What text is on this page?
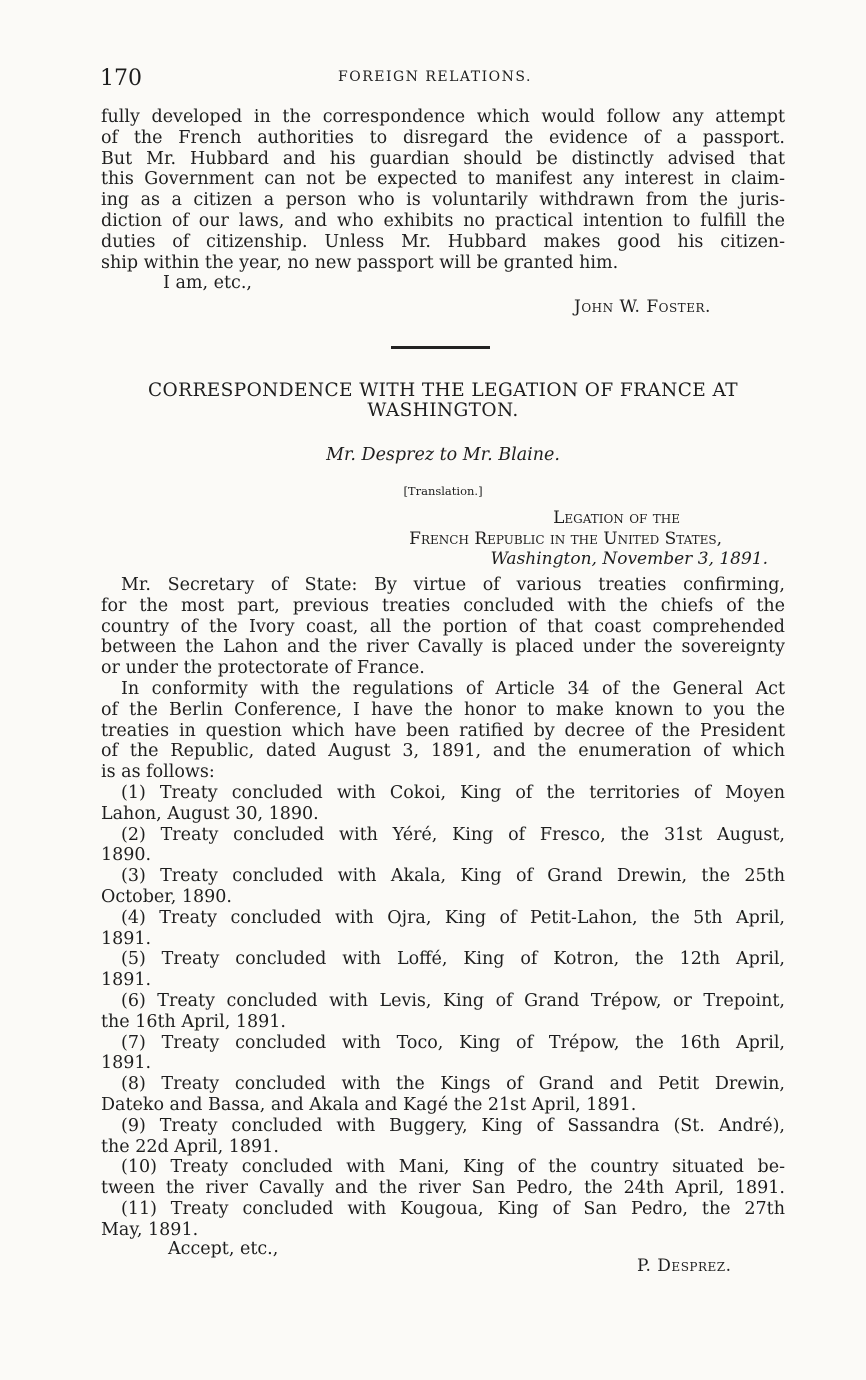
170	FOREIGN RELATIONS.
fully developed in the correspondence which would follow any attempt
of the French authorities to disregard the evidence of a passport.
But Mr. Hubbard and his guardian should be distinctly advised that
this Government can not be expected to manifest any interest in claim-
ing as a citizen a person who is voluntarily withdrawn from the juris-
diction of our laws, and who exhibits no practical intention to fulfill the
duties of citizenship. Unless Mr. Hubbard makes good his citizen-
ship within the year, no new passport will be granted him.
I am, etc.,
John W. Foster.
CORRESPONDENCE WITH THE LEGATION OF FRANCE AT WASHINGTON.
Mr. Desprez to Mr. Blaine.
[Translation.]
Legation of the
French Republic in the United States,
Washington, November 3, 1891.
Mr. Secretary of State: By virtue of various treaties confirming,
for the most part, previous treaties concluded with the chiefs of the
country of the Ivory coast, all the portion of that coast comprehended
between the Lahon and the river Cavally is placed under the sovereignty
or under the protectorate of France.
In conformity with the regulations of Article 34 of the General Act
of the Berlin Conference, I have the honor to make known to you the
treaties in question which have been ratified by decree of the President
of the Republic, dated August 3, 1891, and the enumeration of which
is as follows:
(1) Treaty concluded with Cokoi, King of the territories of Moyen
Lahon, August 30, 1890.
(2) Treaty concluded with Yéré, King of Fresco, the 31st August,
1890.
(3) Treaty concluded with Akala, King of Grand Drewin, the 25th
October, 1890.
(4) Treaty concluded with Ojra, King of Petit-Lahon, the 5th April,
1891.
(5) Treaty concluded with Loffé, King of Kotron, the 12th April,
1891.
(6) Treaty concluded with Levis, King of Grand Trépow, or Trepoint,
the 16th April, 1891.
(7) Treaty concluded with Toco, King of Trépow, the 16th April,
1891.
(8) Treaty concluded with the Kings of Grand and Petit Drewin,
Dateko and Bassa, and Akala and Kagé the 21st April, 1891.
(9) Treaty concluded with Buggery, King of Sassandra (St. André),
the 22d April, 1891.
(10) Treaty concluded with Mani, King of the country situated be-
tween the river Cavally and the river San Pedro, the 24th April, 1891.
(11) Treaty concluded with Kougoua, King of San Pedro, the 27th
May, 1891.
Accept, etc.,
P. Desprez.
